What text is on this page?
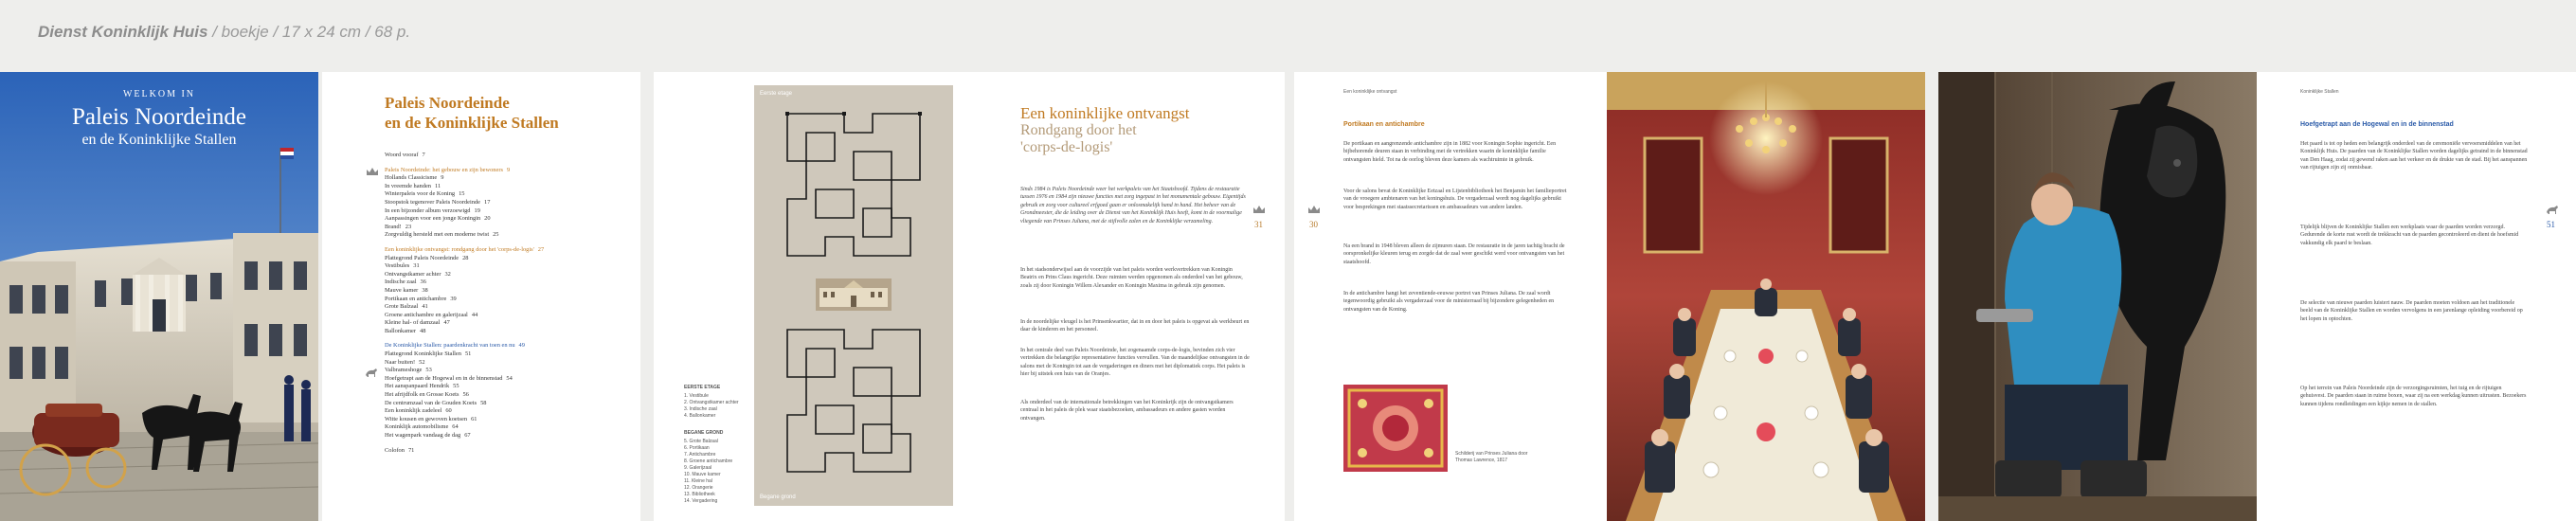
Dienst Koninklijk Huis / boekje / 17 x 24 cm / 68 p.
WELKOM IN
Paleis Noordeinde
en de Koninklijke Stallen
Paleis Noordeinde
en de Koninklijke Stallen
Woord vooraf 7
Paleis Noordeinde: het gebouw en zijn bewoners 9
Hollands Classicisme 9
In vreemde handen 11
Winterpaleis voor de Koning 15
Stoopstok tegenover Paleis Noordeinde 17
In een bijzonder album verzoewigd 19
Aanpassingen voor een jonge Koningin 20
Brand! 23
Zorgvuldig hersteld met een moderne twist 25
Een koninklijke ontvangst: rondgang door het 'corps-de-logis' 27
Plattegrond Paleis Noordeinde 28
Vestibules 31
Ontvangstkamer achter 32
Indische zaal 36
Mauve kamer 38
Portikaan en antichambre 39
Grote Balzaal 41
Groene antichambre en galerijzaal 44
Kleine hal- of damzaal 47
Ballonkamer 48
De Koninklijke Stallen: paardenkracht van toen en nu 49
Plattegrond Koninklijke Stallen 51
Naar buiten! 52
Valbrameshoge 53
Hoefgetrapt aan de Hogewal en in de binnenstad 54
Het aanspanpaard Hendrik 55
Het afrijdfolk en Grosse Koets 56
De centrumzaal van de Gouden Koets 58
Een koninklijk zadeleel 60
Witte kousen en gewoven koetsen 61
Koninklijk automobilisme 64
Het wagenpark vandaag de dag 67
Colofon 71
Eerste etage
Begane grond
EERSTE ETAGE
1. Vestibule
2. Ontvangstkamer achter
3. Indische zaal
4. Ballonkamer
BEGANE GROND
5. Grote Balzaal
6. Portikaan
7. Antichambre
8. Groene antichambre
9. Galerijzaal
10. Mauve kamer
11. Kleine hal
12. Orangerie
13. Bibliotheek
14. Vergadering
Een koninklijke ontvangst
Rondgang door het
'corps-de-logis'
Sinds 1984 is Paleis Noordeinde weer het werkpaleis van het Staatshoofd. Tijdens de restauratie tussen 1976 en 1984 zijn nieuwe functies met zorg ingepast in het monumentale gebouw. Eigentijds gebruik en zorg voor cultureel erfgoed gaan er onlosmakelijk hand in hand. Het beheer van de Grondmeester, die de leiding over de Dienst van het Koninklijk Huis heeft, komt in de voormalige vliegende van Prinses Juliana, met de stijlvolle zalen en de Koninklijke verzameling.
In het stadsonderwijsel aan de voorzijde van het paleis worden werkvertrekken van Koningin Beatrix en Prins Claus ingericht. Deze ruimten werden opgenomen als onderdeel van het gebouw, zoals zij door Koningin Willem Alexander en Koningin Maxima in gebruik zijn genomen.
In de noordelijke vleugel is het Prinsenkwartier, dat in en door het paleis is opgevat als werkbeurt en daar de kinderen en het personeel.
In het centrale deel van Paleis Noordeinde, het zogenaamde corps-de-logis, bevinden zich vier vertrekken die belangrijke representatieve functies vervullen. Van de maandelijkse ontvangsten in de salons met de Koningin tot aan de vergaderingen en diners met het diplomatiek corps. Het paleis is hier bij uitstek een huis van de Oranjes.
Als onderdeel van de internationale betrekkingen van het Koninkrijk zijn de ontvangstkamers centraal in het paleis de plek waar staatsbezoeken, ambassadeurs en andere gasten worden ontvangen.
31
Een koninklijke ontvangst
30
Portikaan en antichambre
De portikaan en aangrenzende antichambre zijn in 1882 voor Koningin Sophie ingericht. Een bijbehorende deuren staan in verbinding met de vertrekken waarin de koninklijke familie ontvangsten hield. Tot na de oorlog bleven deze kamers als wachtruimte in gebruik.
Voor de salons bevat de Koninklijke Eetzaal en Lijstenbibliotheek het Benjamin het familieportret van de vroegere ambtenaren van het koningshuis. De vergaderzaal wordt nog dagelijks gebruikt voor besprekingen met staatssecretarissen en ambassadeurs van andere landen.
Na een brand in 1948 bleven alleen de zijmuren staan. De restauratie in de jaren tachtig bracht de oorspronkelijke kleuren terug en zorgde dat de zaal weer geschikt werd voor ontvangsten van het staatshoofd.
In de antichambre hangt het zeventiende-eeuwse portret van Prinses Juliana. De zaal wordt tegenwoordig gebruikt als vergaderzaal voor de ministerraad bij bijzondere gelegenheden en ontvangsten van de Koning.
Schilderij van Prinses Juliana door Thomas Lawrence, 1817
Koninklijke Stallen
Hoefgetrapt aan de Hogewal en in de binnenstad
Het paard is tot op heden een belangrijk onderdeel van de ceremoniële vervoersmiddelen van het Koninklijk Huis. De paarden van de Koninklijke Stallen worden dagelijks getraind in de binnenstad van Den Haag, zodat zij gewend raken aan het verkeer en de drukte van de stad. Bij het aanspannen van rijtuigen zijn zij onmisbaar.
Tijdelijk blijven de Koninklijke Stallen een werkplaats waar de paarden worden verzorgd. Gedurende de korte rust wordt de trekkracht van de paarden gecontroleerd en dient de hoefsmid vakkundig elk paard te beslaan.
De selectie van nieuwe paarden luistert nauw. De paarden moeten voldoen aan het traditionele beeld van de Koninklijke Stallen en worden vervolgens in een jarenlange opleiding voorbereid op het lopen in optochten.
Op het terrein van Paleis Noordeinde zijn de verzorgingsruimten, het tuig en de rijtuigen gehuisvest. De paarden staan in ruime boxen, waar zij na een werkdag kunnen uitrusten. Bezoekers kunnen tijdens rondleidingen een kijkje nemen in de stallen.
51
